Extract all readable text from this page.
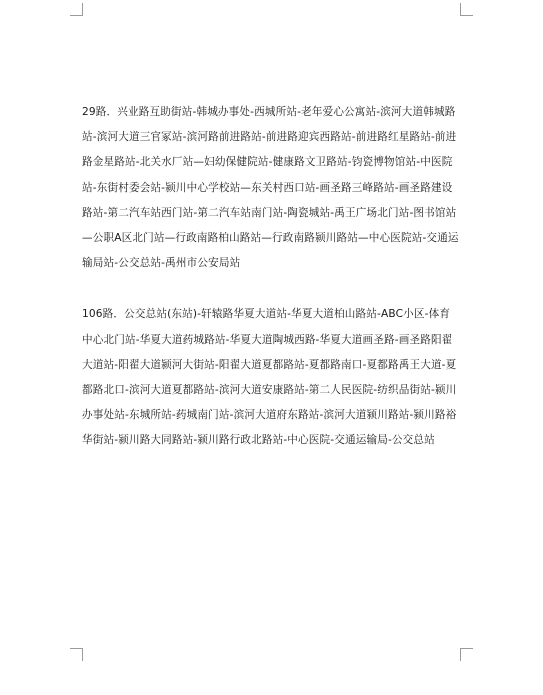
29路．兴业路互助街站-韩城办事处-西城所站-老年爱心公寓站-滨河大道韩城路站-滨河大道三官冢站-滨河路前进路站-前进路迎宾西路站-前进路红星路站-前进路金星路站-北关水厂站—妇幼保健院站-健康路文卫路站-钧瓷博物馆站-中医院站-东街村委会站-颍川中心学校站—东关村西口站-画圣路三峰路站-画圣路建设路站-第二汽车站西门站-第二汽车站南门站-陶瓷城站-禹王广场北门站-图书馆站—公职A区北门站—行政南路柏山路站—行政南路颍川路站—中心医院站-交通运输局站-公交总站-禹州市公安局站

106路．公交总站(东站)-轩辕路华夏大道站-华夏大道柏山路站-ABC小区-体育中心北门站-华夏大道药城路站-华夏大道陶城西路-华夏大道画圣路-画圣路阳翟大道站-阳翟大道颍河大街站-阳翟大道夏都路站-夏都路南口-夏都路禹王大道-夏都路北口-滨河大道夏都路站-滨河大道安康路站-第二人民医院-纺织品街站-颍川办事处站-东城所站-药城南门站-滨河大道府东路站-滨河大道颍川路站-颍川路裕华街站-颍川路大同路站-颍川路行政北路站-中心医院-交通运输局-公交总站
